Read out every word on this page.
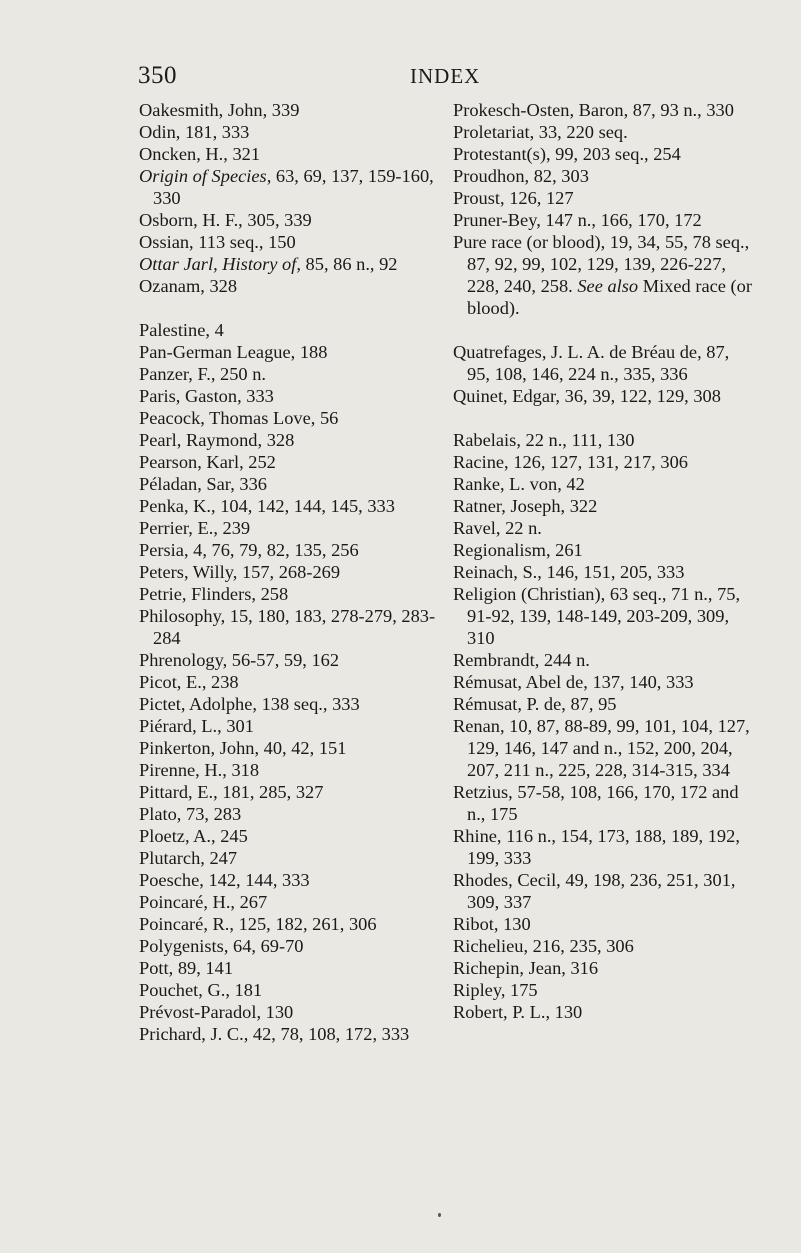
350	INDEX
Oakesmith, John, 339
Odin, 181, 333
Oncken, H., 321
Origin of Species, 63, 69, 137, 159-160, 330
Osborn, H. F., 305, 339
Ossian, 113 seq., 150
Ottar Jarl, History of, 85, 86 n., 92
Ozanam, 328
Palestine, 4
Pan-German League, 188
Panzer, F., 250 n.
Paris, Gaston, 333
Peacock, Thomas Love, 56
Pearl, Raymond, 328
Pearson, Karl, 252
Péladan, Sar, 336
Penka, K., 104, 142, 144, 145, 333
Perrier, E., 239
Persia, 4, 76, 79, 82, 135, 256
Peters, Willy, 157, 268-269
Petrie, Flinders, 258
Philosophy, 15, 180, 183, 278-279, 283-284
Phrenology, 56-57, 59, 162
Picot, E., 238
Pictet, Adolphe, 138 seq., 333
Piérard, L., 301
Pinkerton, John, 40, 42, 151
Pirenne, H., 318
Pittard, E., 181, 285, 327
Plato, 73, 283
Ploetz, A., 245
Plutarch, 247
Poesche, 142, 144, 333
Poincaré, H., 267
Poincaré, R., 125, 182, 261, 306
Polygenists, 64, 69-70
Pott, 89, 141
Pouchet, G., 181
Prévost-Paradol, 130
Prichard, J. C., 42, 78, 108, 172, 333
Prokesch-Osten, Baron, 87, 93 n., 330
Proletariat, 33, 220 seq.
Protestant(s), 99, 203 seq., 254
Proudhon, 82, 303
Proust, 126, 127
Pruner-Bey, 147 n., 166, 170, 172
Pure race (or blood), 19, 34, 55, 78 seq., 87, 92, 99, 102, 129, 139, 226-227, 228, 240, 258. See also Mixed race (or blood).
Quatrefages, J. L. A. de Bréau de, 87, 95, 108, 146, 224 n., 335, 336
Quinet, Edgar, 36, 39, 122, 129, 308
Rabelais, 22 n., 111, 130
Racine, 126, 127, 131, 217, 306
Ranke, L. von, 42
Ratner, Joseph, 322
Ravel, 22 n.
Regionalism, 261
Reinach, S., 146, 151, 205, 333
Religion (Christian), 63 seq., 71 n., 75, 91-92, 139, 148-149, 203-209, 309, 310
Rembrandt, 244 n.
Rémusat, Abel de, 137, 140, 333
Rémusat, P. de, 87, 95
Renan, 10, 87, 88-89, 99, 101, 104, 127, 129, 146, 147 and n., 152, 200, 204, 207, 211 n., 225, 228, 314-315, 334
Retzius, 57-58, 108, 166, 170, 172 and n., 175
Rhine, 116 n., 154, 173, 188, 189, 192, 199, 333
Rhodes, Cecil, 49, 198, 236, 251, 301, 309, 337
Ribot, 130
Richelieu, 216, 235, 306
Richepin, Jean, 316
Ripley, 175
Robert, P. L., 130
